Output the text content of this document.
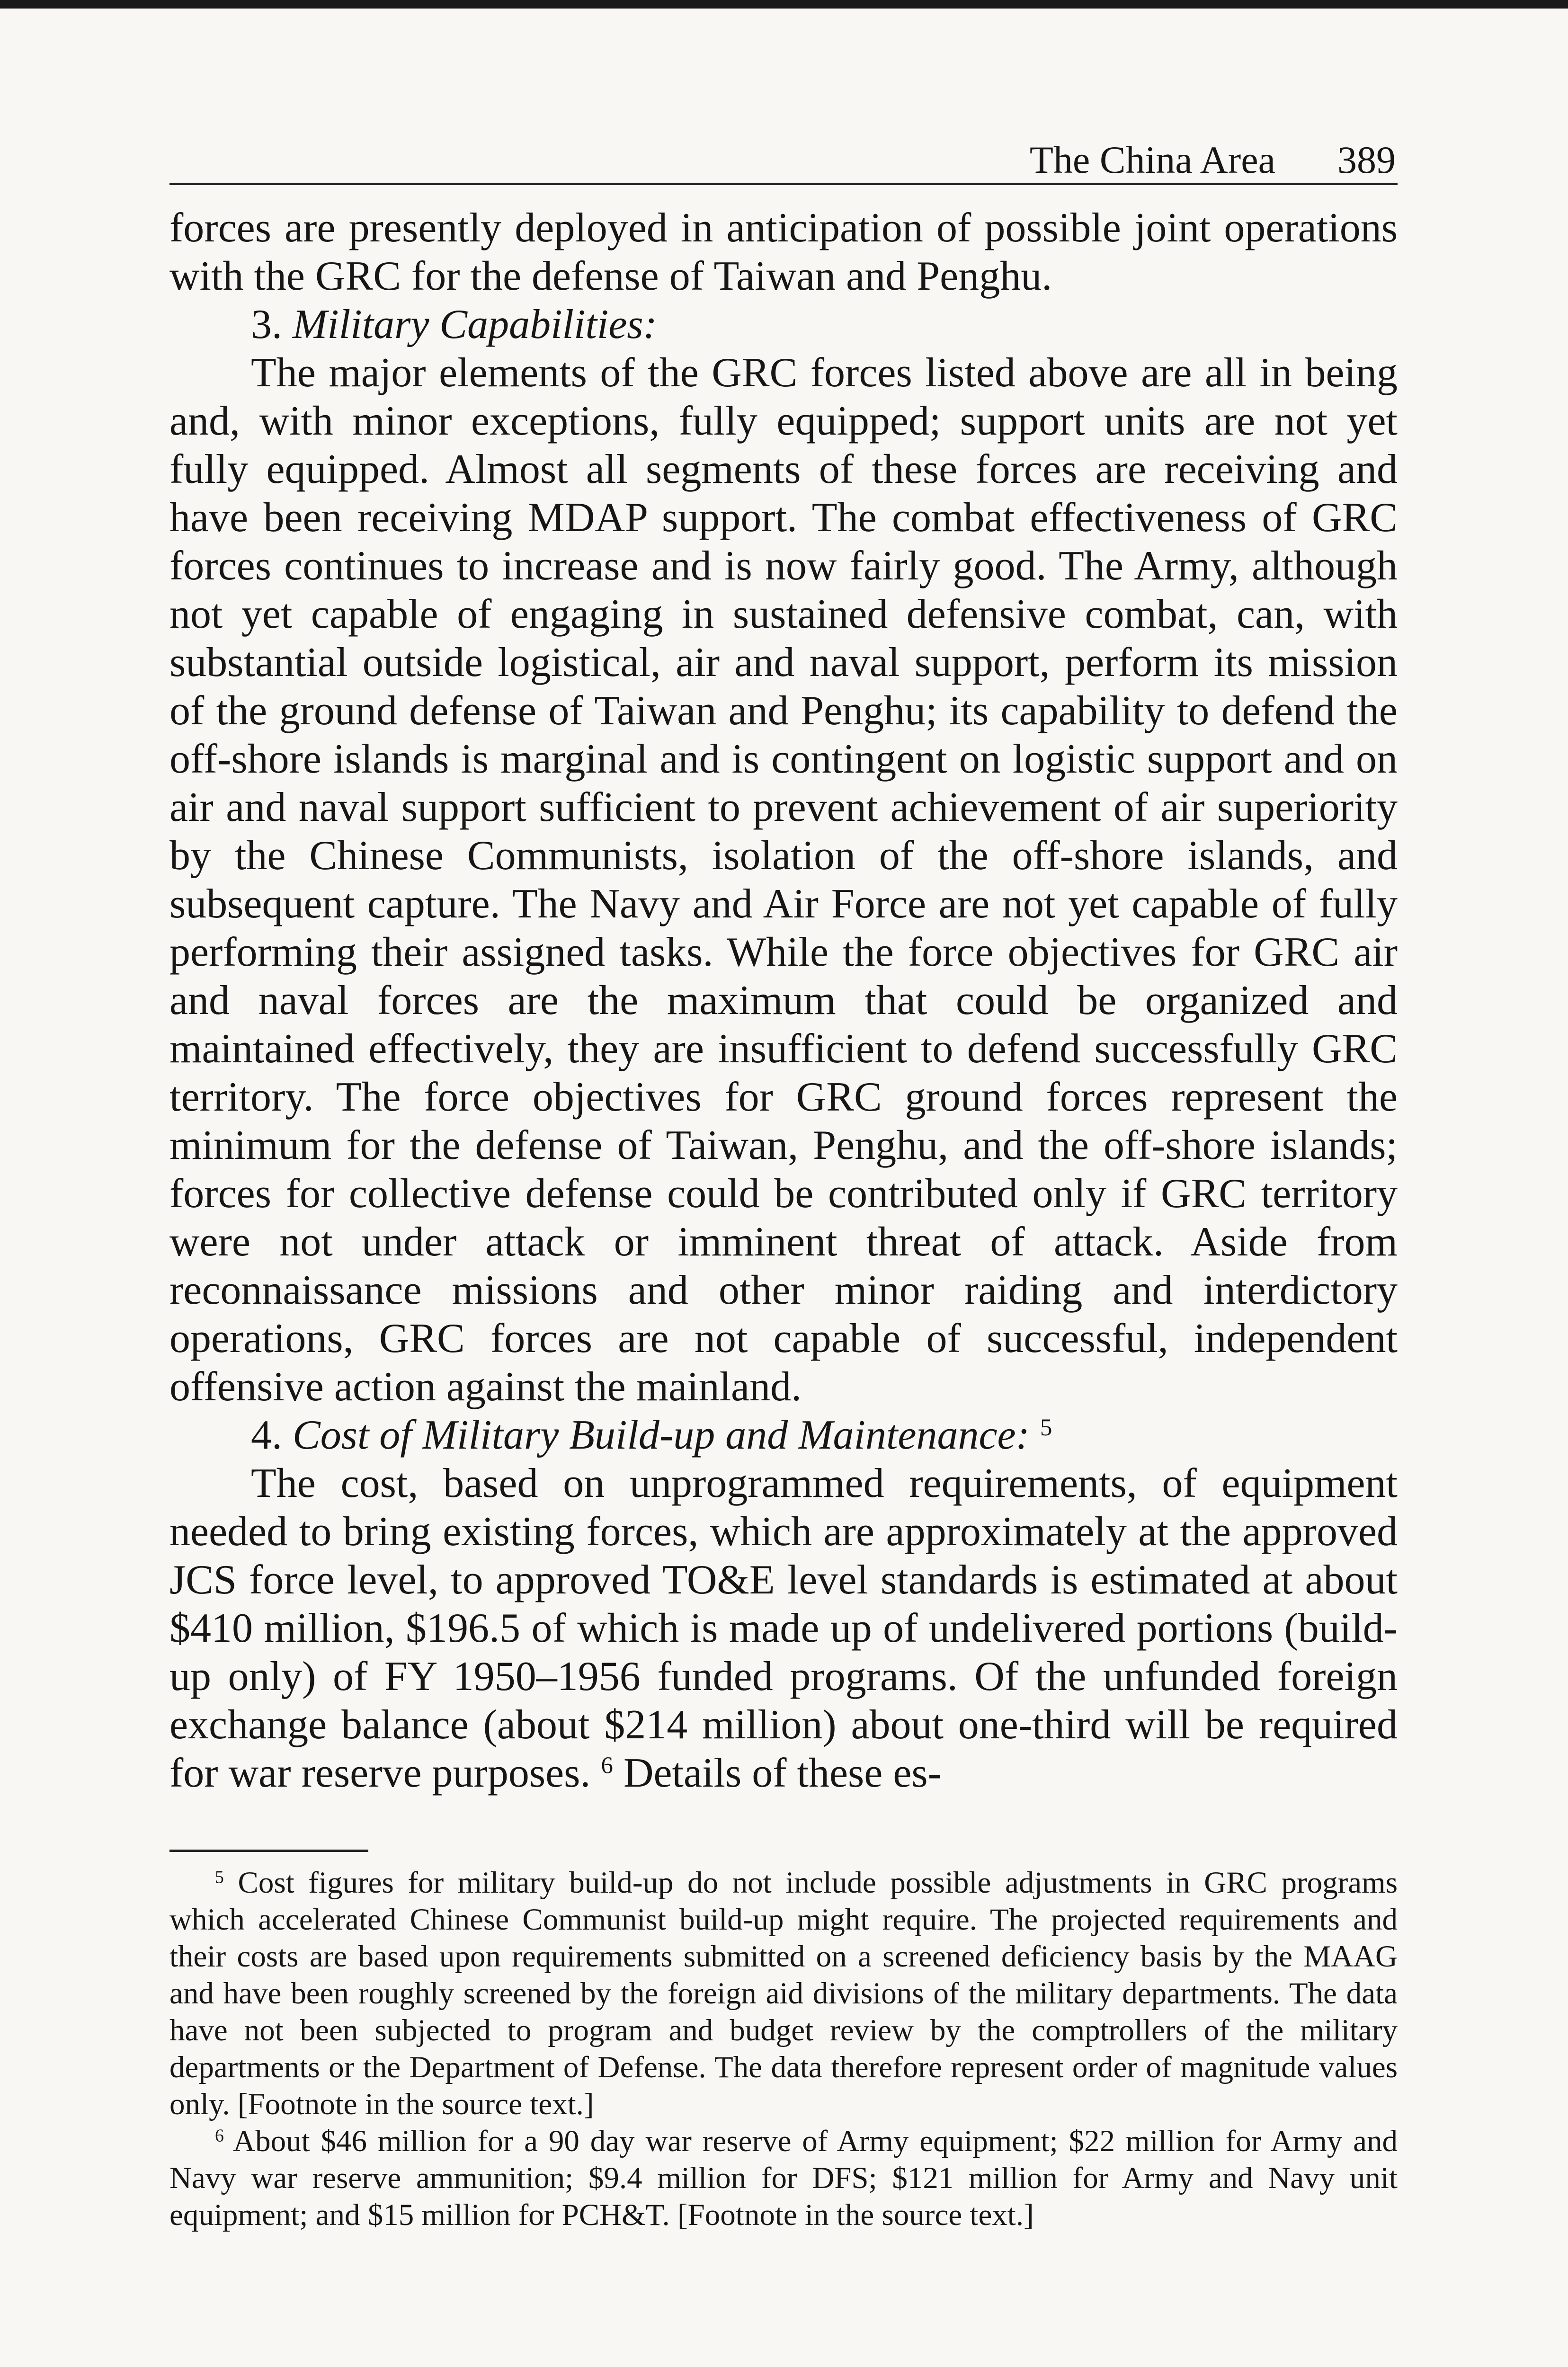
The China Area 389

forces are presently deployed in anticipation of possible joint operations with the GRC for the defense of Taiwan and Penghu.

3. Military Capabilities:

The major elements of the GRC forces listed above are all in being and, with minor exceptions, fully equipped; support units are not yet fully equipped. Almost all segments of these forces are receiving and have been receiving MDAP support. The combat effectiveness of GRC forces continues to increase and is now fairly good. The Army, although not yet capable of engaging in sustained defensive combat, can, with substantial outside logistical, air and naval support, perform its mission of the ground defense of Taiwan and Penghu; its capability to defend the off-shore islands is marginal and is contingent on logistic support and on air and naval support sufficient to prevent achievement of air superiority by the Chinese Communists, isolation of the off-shore islands, and subsequent capture. The Navy and Air Force are not yet capable of fully performing their assigned tasks. While the force objectives for GRC air and naval forces are the maximum that could be organized and maintained effectively, they are insufficient to defend successfully GRC territory. The force objectives for GRC ground forces represent the minimum for the defense of Taiwan, Penghu, and the off-shore islands; forces for collective defense could be contributed only if GRC territory were not under attack or imminent threat of attack. Aside from reconnaissance missions and other minor raiding and interdictory operations, GRC forces are not capable of successful, independent offensive action against the mainland.

4. Cost of Military Build-up and Maintenance: $^5$

The cost, based on unprogrammed requirements, of equipment needed to bring existing forces, which are approximately at the approved JCS force level, to approved TO&E level standards is estimated at about $410 million, $196.5 of which is made up of undelivered portions (build-up only) of FY 1950–1956 funded programs. Of the unfunded foreign exchange balance (about $214 million) about one-third will be required for war reserve purposes. $^6$ Details of these es-

$^5$ Cost figures for military build-up do not include possible adjustments in GRC programs which accelerated Chinese Communist build-up might require. The projected requirements and their costs are based upon requirements submitted on a screened deficiency basis by the MAAG and have been roughly screened by the foreign aid divisions of the military departments. The data have not been subjected to program and budget review by the comptrollers of the military departments or the Department of Defense. The data therefore represent order of magnitude values only. [Footnote in the source text.]

$^6$ About $46 million for a 90 day war reserve of Army equipment; $22 million for Army and Navy war reserve ammunition; $9.4 million for DFS; $121 million for Army and Navy unit equipment; and $15 million for PCH&T. [Footnote in the source text.]
